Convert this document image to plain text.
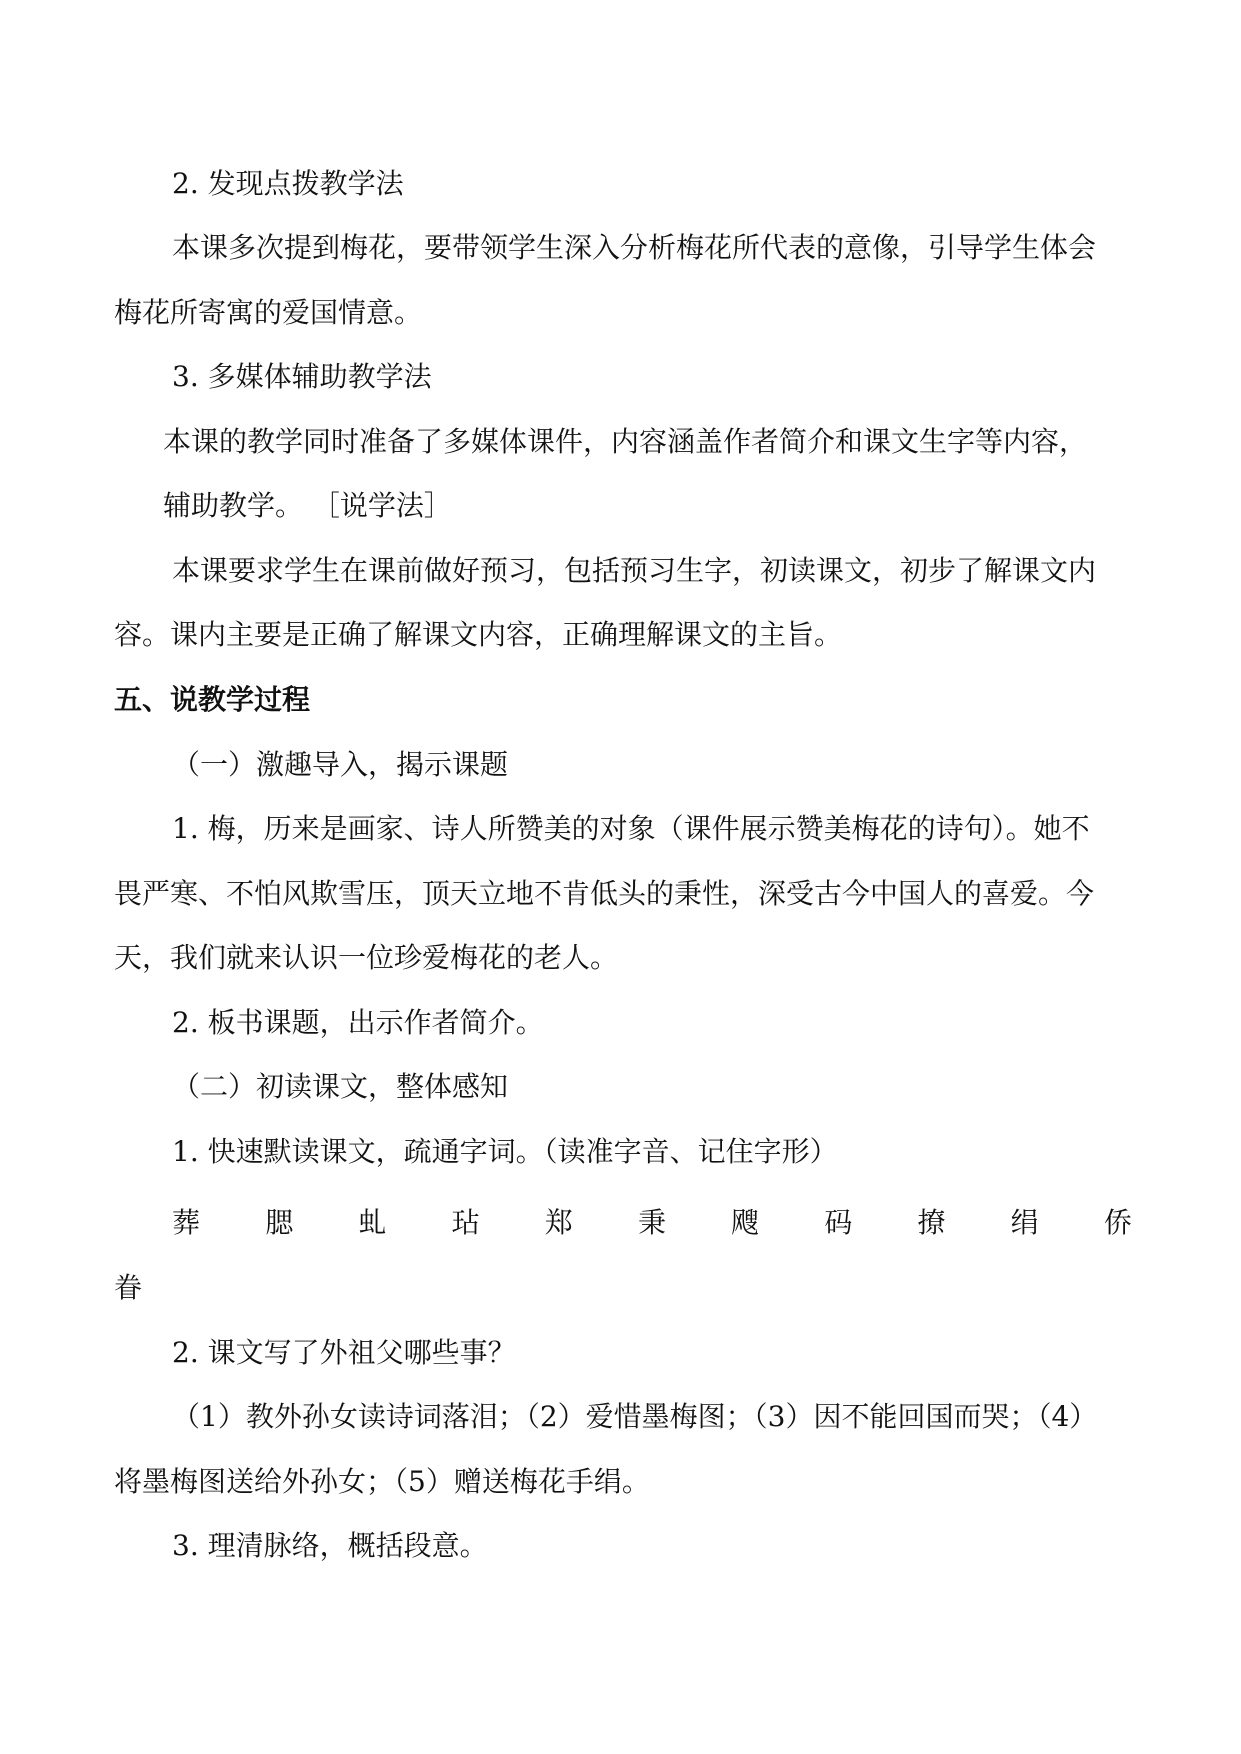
2. 发现点拨教学法
本课多次提到梅花，要带领学生深入分析梅花所代表的意像，引导学生体会
梅花所寄寓的爱国情意。
3. 多媒体辅助教学法
本课的教学同时准备了多媒体课件，内容涵盖作者简介和课文生字等内容，
辅助教学。 ［说学法］
本课要求学生在课前做好预习，包括预习生字，初读课文，初步了解课文内
容。课内主要是正确了解课文内容，正确理解课文的主旨。
五、说教学过程
（一）激趣导入，揭示课题
1. 梅，历来是画家、诗人所赞美的对象（课件展示赞美梅花的诗句）。她不
畏严寒、不怕风欺雪压，顶天立地不肯低头的秉性，深受古今中国人的喜爱。今
天，我们就来认识一位珍爱梅花的老人。
2. 板书课题，出示作者简介。
（二）初读课文，整体感知
1. 快速默读课文，疏通字词。（读准字音、记住字形）
葬 腮 虬 玷 郑 秉 飕 码 撩 绢 侨
眷
2. 课文写了外祖父哪些事？
（1）教外孙女读诗词落泪；（2）爱惜墨梅图；（3）因不能回国而哭；（4）
将墨梅图送给外孙女；（5）赠送梅花手绢。
3. 理清脉络，概括段意。
